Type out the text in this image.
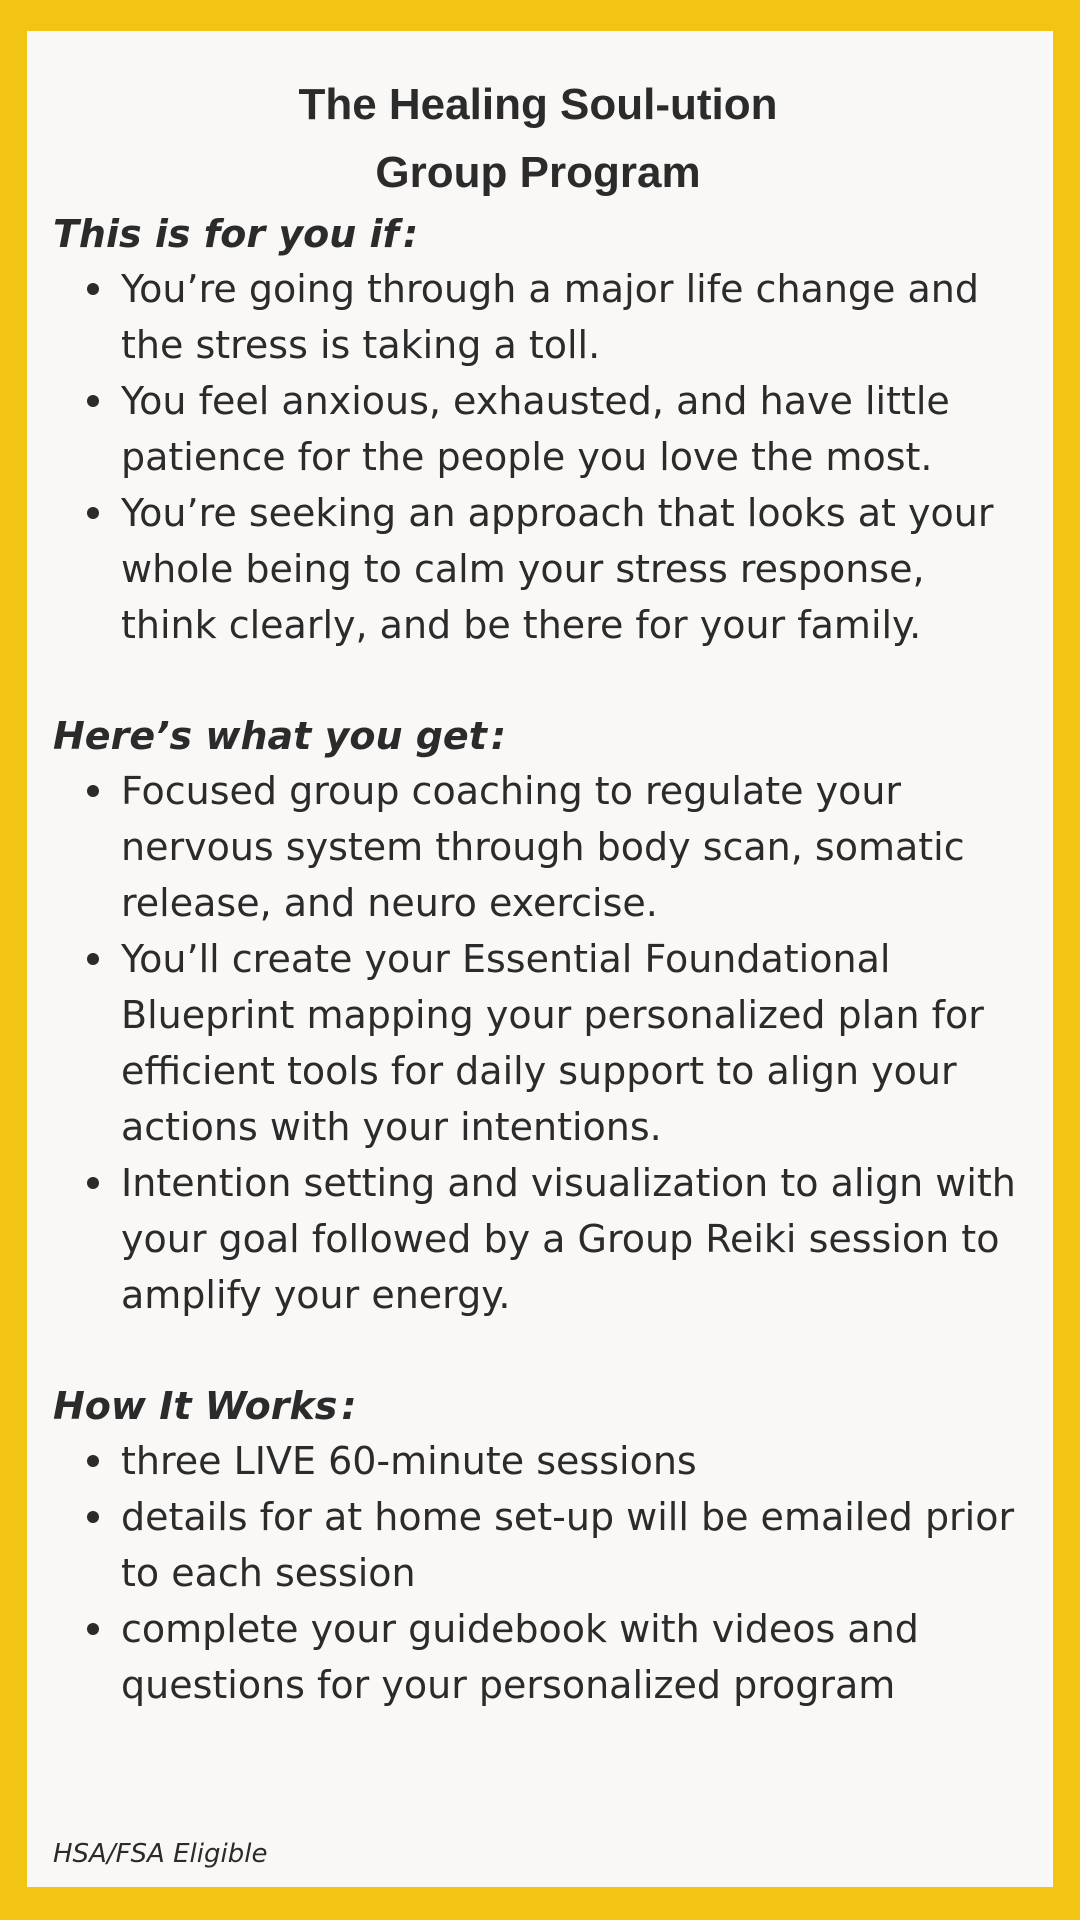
The Healing Soul-ution
Group Program
This is for you if :
You’re going through a major life change and the stress is taking a toll.
You feel anxious, exhausted, and have little patience for the people you love the most.
You’re seeking an approach that looks at your whole being to calm your stress response, think clearly, and be there for your family.
Here’s what you get :
Focused group coaching to regulate your nervous system through body scan, somatic release, and neuro exercise.
You’ll create your Essential Foundational Blueprint mapping your personalized plan for efficient tools for daily support to align your actions with your intentions.
Intention setting and visualization to align with your goal followed by a Group Reiki session to amplify your energy.
How It Works :
three LIVE 60-minute sessions
details for at home set-up will be emailed prior to each session
complete your guidebook with videos and questions for your personalized program
HSA/FSA Eligible
